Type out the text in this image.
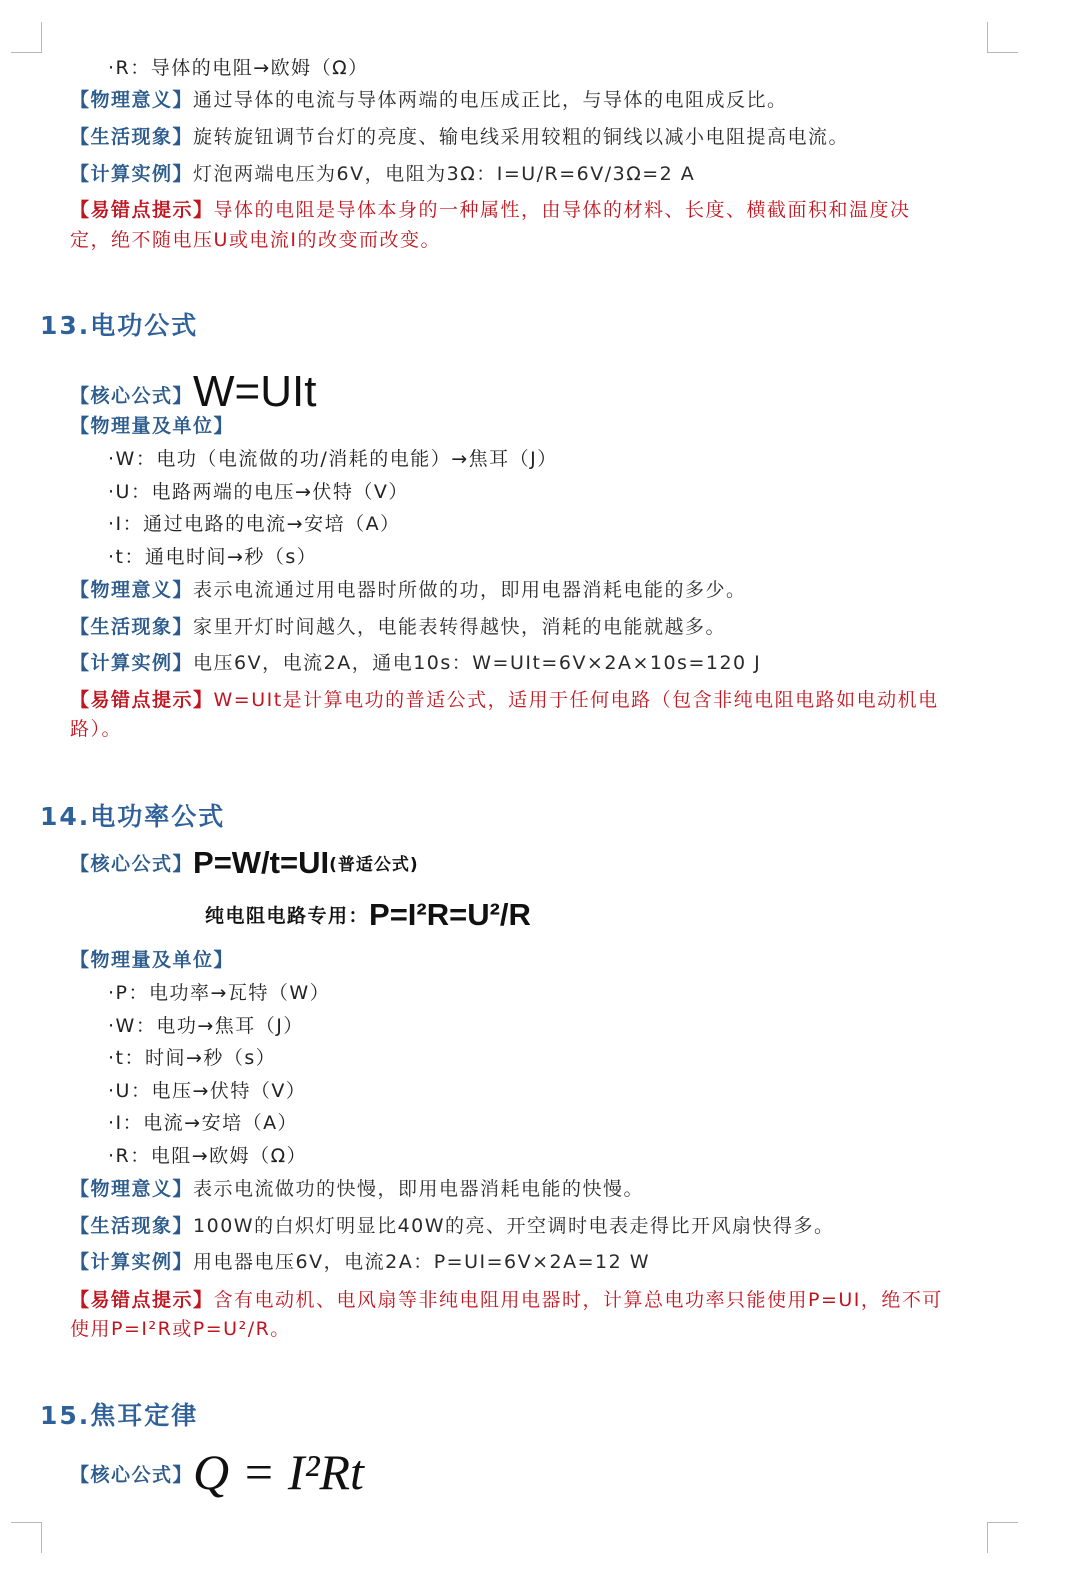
·R：导体的电阻→欧姆（Ω）
【物理意义】通过导体的电流与导体两端的电压成正比，与导体的电阻成反比。
【生活现象】旋转旋钮调节台灯的亮度、输电线采用较粗的铜线以减小电阻提高电流。
【计算实例】灯泡两端电压为6V，电阻为3Ω：I=U/R=6V/3Ω=2 A
【易错点提示】导体的电阻是导体本身的一种属性，由导体的材料、长度、横截面积和温度决
定，绝不随电压U或电流I的改变而改变。
13.电功公式
【核心公式】W=UIt
【物理量及单位】
·W：电功（电流做的功/消耗的电能）→焦耳（J）
·U：电路两端的电压→伏特（V）
·I：通过电路的电流→安培（A）
·t：通电时间→秒（s）
【物理意义】表示电流通过用电器时所做的功，即用电器消耗电能的多少。
【生活现象】家里开灯时间越久，电能表转得越快，消耗的电能就越多。
【计算实例】电压6V，电流2A，通电10s：W=UIt=6V×2A×10s=120 J
【易错点提示】W=UIt是计算电功的普适公式，适用于任何电路（包含非纯电阻电路如电动机电
路）。
14.电功率公式
【核心公式】P=W/t=UI(普适公式)
纯电阻电路专用：P=I²R=U²/R
【物理量及单位】
·P：电功率→瓦特（W）
·W：电功→焦耳（J）
·t：时间→秒（s）
·U：电压→伏特（V）
·I：电流→安培（A）
·R：电阻→欧姆（Ω）
【物理意义】表示电流做功的快慢，即用电器消耗电能的快慢。
【生活现象】100W的白炽灯明显比40W的亮、开空调时电表走得比开风扇快得多。
【计算实例】用电器电压6V，电流2A：P=UI=6V×2A=12 W
【易错点提示】含有电动机、电风扇等非纯电阻用电器时，计算总电功率只能使用P=UI，绝不可
使用P=I²R或P=U²/R。
15.焦耳定律
【核心公式】Q = I²Rt
